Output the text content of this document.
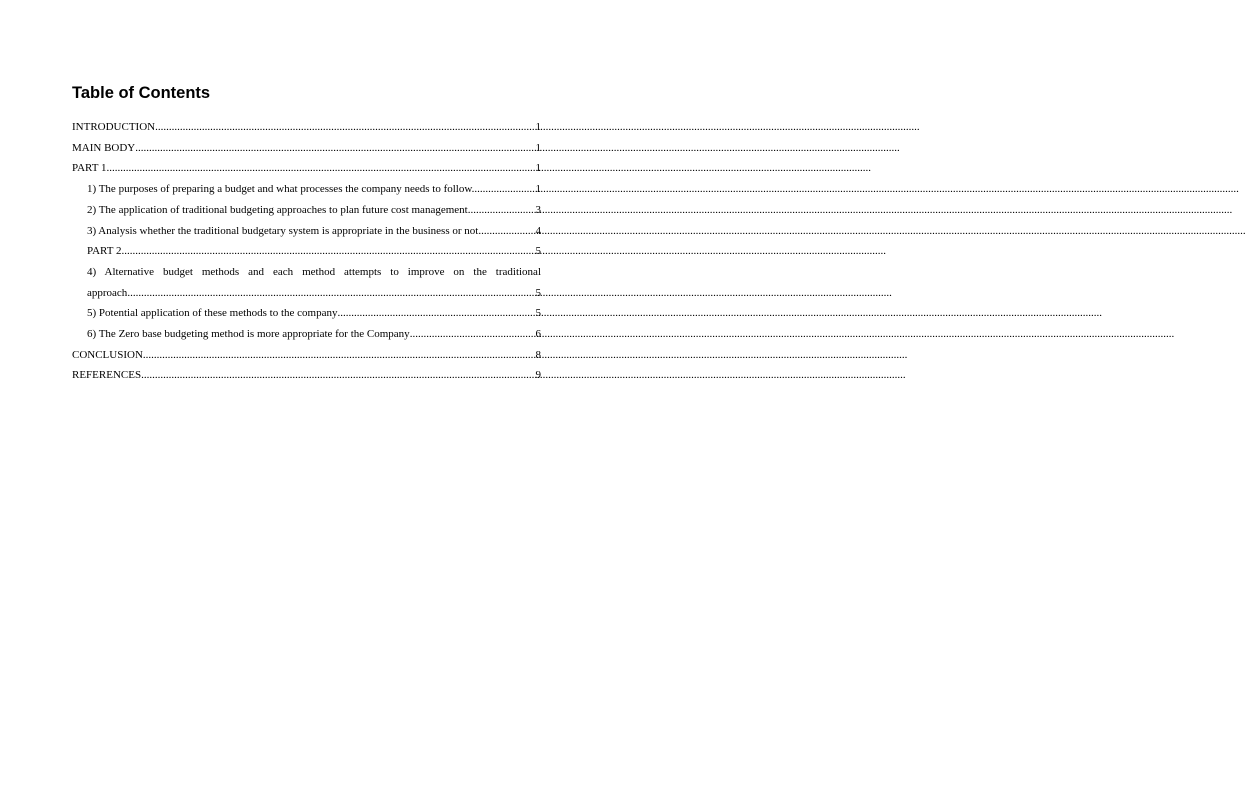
Table of Contents
INTRODUCTION .....	1
MAIN BODY .....	1
PART 1 .....	1
1) The purposes of preparing a budget and what processes the company needs to follow. .....	1
2) The application of traditional budgeting approaches to plan future cost management .....	3
3) Analysis whether the traditional budgetary system is appropriate in the business or not. .....	4
PART 2 .....	5
4) Alternative budget methods and each method attempts to improve on the traditional
approach .....	5
5) Potential application of these methods to the company .....	5
6) The Zero base budgeting method is more appropriate for the Company .....	6
CONCLUSION .....	8
REFERENCES .....	9
